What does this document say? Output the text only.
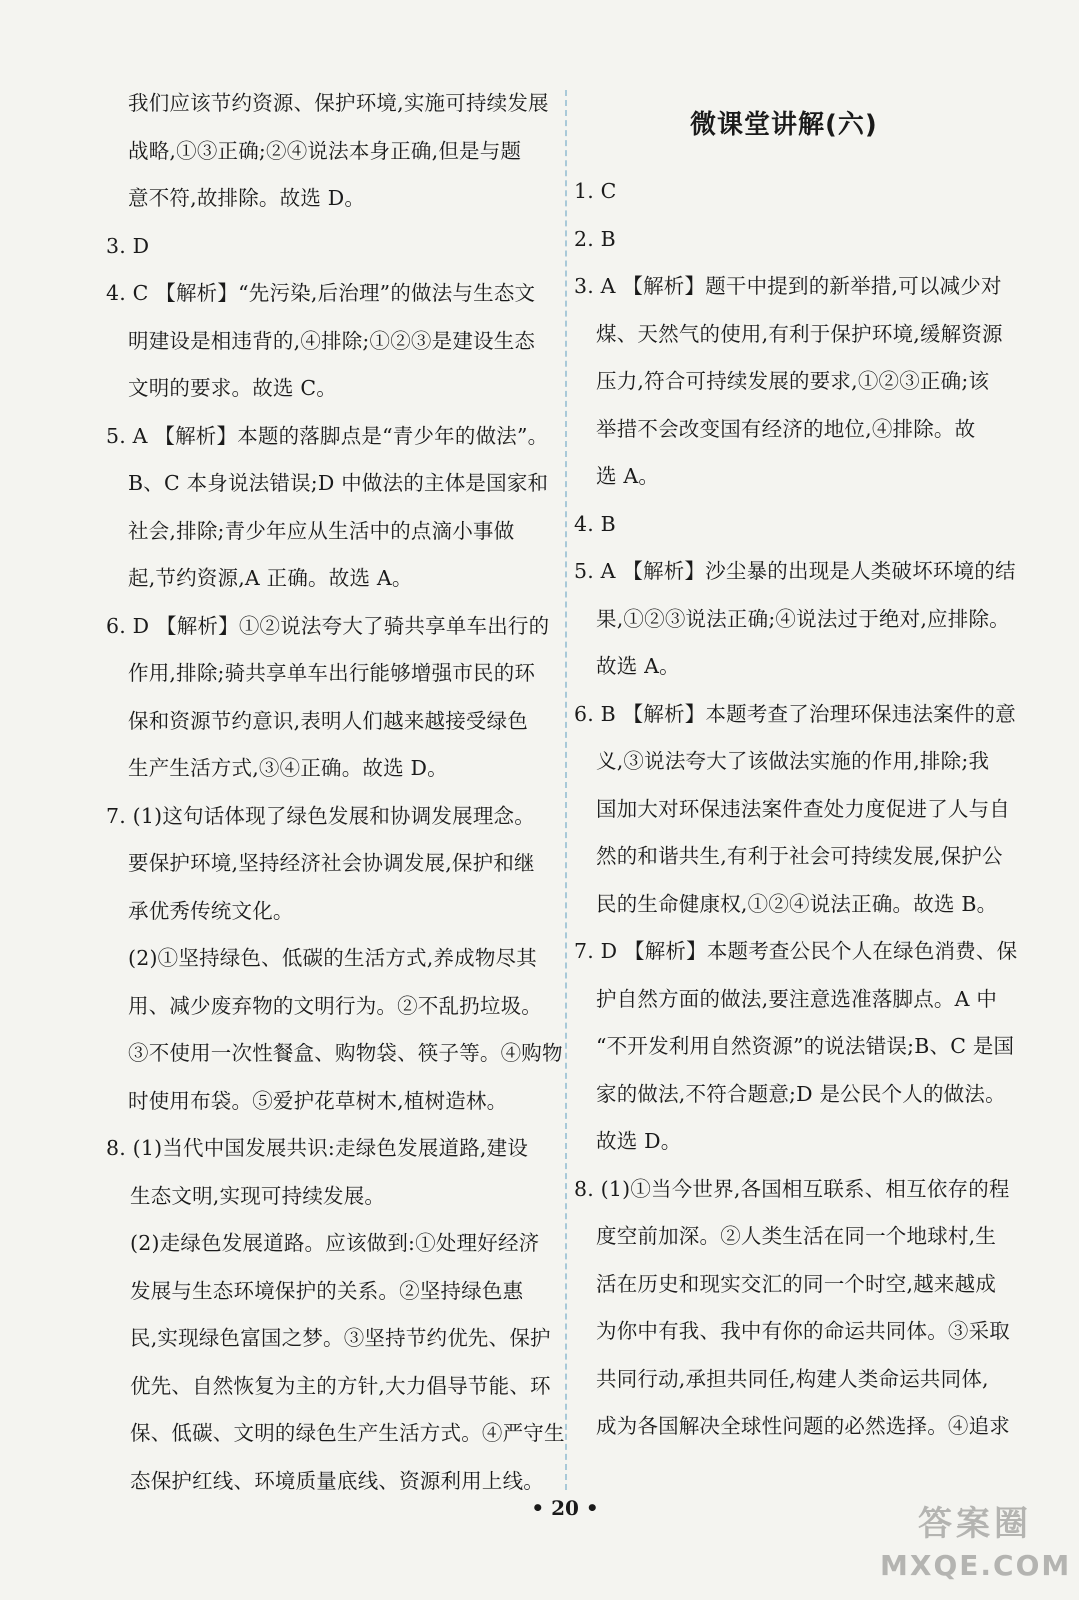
我们应该节约资源、保护环境,实施可持续发展
战略,①③正确;②④说法本身正确,但是与题
意不符,故排除。故选 D。
3. D
4. C 【解析】“先污染,后治理”的做法与生态文
明建设是相违背的,④排除;①②③是建设生态
文明的要求。故选 C。
5. A 【解析】本题的落脚点是“青少年的做法”。
B、C 本身说法错误;D 中做法的主体是国家和
社会,排除;青少年应从生活中的点滴小事做
起,节约资源,A 正确。故选 A。
6. D 【解析】①②说法夸大了骑共享单车出行的
作用,排除;骑共享单车出行能够增强市民的环
保和资源节约意识,表明人们越来越接受绿色
生产生活方式,③④正确。故选 D。
7. (1)这句话体现了绿色发展和协调发展理念。
要保护环境,坚持经济社会协调发展,保护和继
承优秀传统文化。
(2)①坚持绿色、低碳的生活方式,养成物尽其
用、减少废弃物的文明行为。②不乱扔垃圾。
③不使用一次性餐盒、购物袋、筷子等。④购物
时使用布袋。⑤爱护花草树木,植树造林。
8. (1)当代中国发展共识:走绿色发展道路,建设
生态文明,实现可持续发展。
(2)走绿色发展道路。应该做到:①处理好经济
发展与生态环境保护的关系。②坚持绿色惠
民,实现绿色富国之梦。③坚持节约优先、保护
优先、自然恢复为主的方针,大力倡导节能、环
保、低碳、文明的绿色生产生活方式。④严守生
态保护红线、环境质量底线、资源利用上线。
微课堂讲解(六)
1. C
2. B
3. A 【解析】题干中提到的新举措,可以减少对
煤、天然气的使用,有利于保护环境,缓解资源
压力,符合可持续发展的要求,①②③正确;该
举措不会改变国有经济的地位,④排除。故
选 A。
4. B
5. A 【解析】沙尘暴的出现是人类破坏环境的结
果,①②③说法正确;④说法过于绝对,应排除。
故选 A。
6. B 【解析】本题考查了治理环保违法案件的意
义,③说法夸大了该做法实施的作用,排除;我
国加大对环保违法案件查处力度促进了人与自
然的和谐共生,有利于社会可持续发展,保护公
民的生命健康权,①②④说法正确。故选 B。
7. D 【解析】本题考查公民个人在绿色消费、保
护自然方面的做法,要注意选准落脚点。A 中
“不开发利用自然资源”的说法错误;B、C 是国
家的做法,不符合题意;D 是公民个人的做法。
故选 D。
8. (1)①当今世界,各国相互联系、相互依存的程
度空前加深。②人类生活在同一个地球村,生
活在历史和现实交汇的同一个时空,越来越成
为你中有我、我中有你的命运共同体。③采取
共同行动,承担共同任,构建人类命运共同体,
成为各国解决全球性问题的必然选择。④追求
• 20 •	答案圈
MXQE.COM
